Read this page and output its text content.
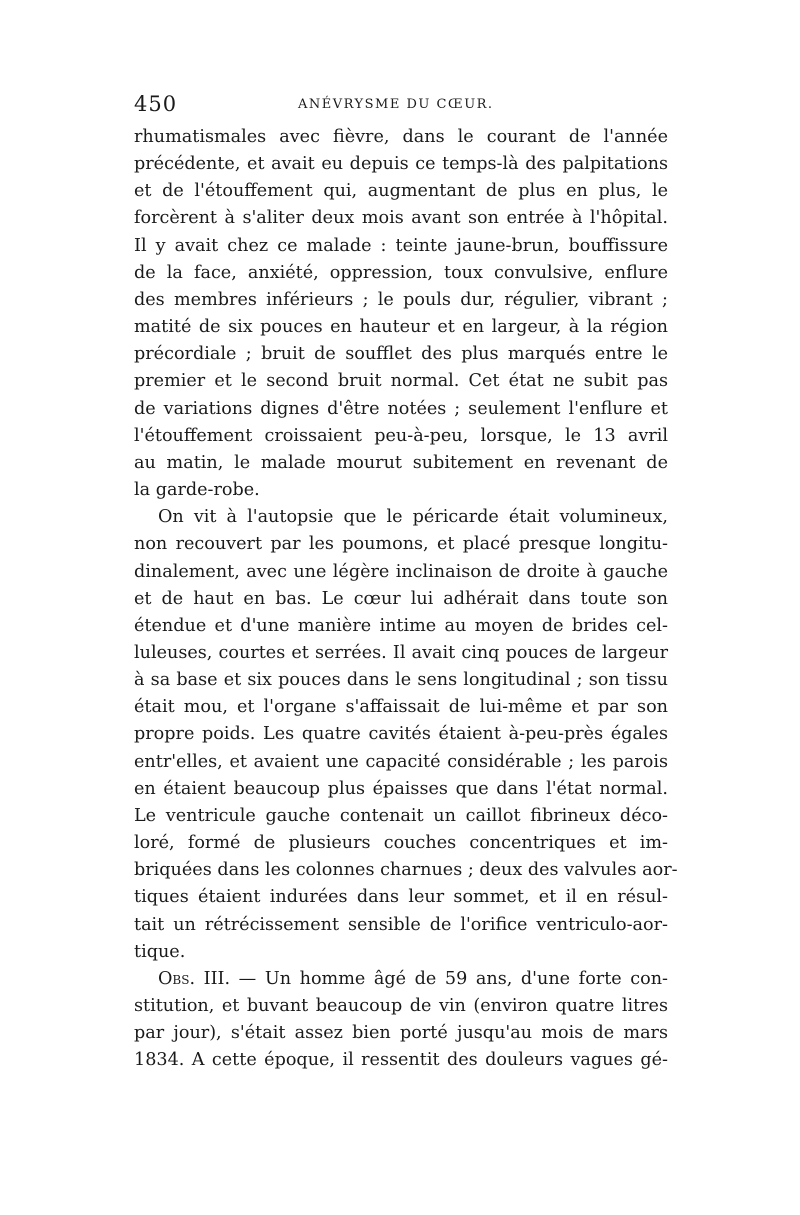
450	ANÉVRYSME DU CŒUR.
rhumatismales avec fièvre, dans le courant de l'année
précédente, et avait eu depuis ce temps-là des palpitations
et de l'étouffement qui, augmentant de plus en plus, le
forcèrent à s'aliter deux mois avant son entrée à l'hôpital.
Il y avait chez ce malade : teinte jaune-brun, bouffissure
de la face, anxiété, oppression, toux convulsive, enflure
des membres inférieurs ; le pouls dur, régulier, vibrant ;
matité de six pouces en hauteur et en largeur, à la région
précordiale ; bruit de soufflet des plus marqués entre le
premier et le second bruit normal. Cet état ne subit pas
de variations dignes d'être notées ; seulement l'enflure et
l'étouffement croissaient peu-à-peu, lorsque, le 13 avril
au matin, le malade mourut subitement en revenant de
la garde-robe.
On vit à l'autopsie que le péricarde était volumineux,
non recouvert par les poumons, et placé presque longitu-
dinalement, avec une légère inclinaison de droite à gauche
et de haut en bas. Le cœur lui adhérait dans toute son
étendue et d'une manière intime au moyen de brides cel-
luleuses, courtes et serrées. Il avait cinq pouces de largeur
à sa base et six pouces dans le sens longitudinal ; son tissu
était mou, et l'organe s'affaissait de lui-même et par son
propre poids. Les quatre cavités étaient à-peu-près égales
entr'elles, et avaient une capacité considérable ; les parois
en étaient beaucoup plus épaisses que dans l'état normal.
Le ventricule gauche contenait un caillot fibrineux déco-
loré, formé de plusieurs couches concentriques et im-
briquées dans les colonnes charnues ; deux des valvules aor-
tiques étaient indurées dans leur sommet, et il en résul-
tait un rétrécissement sensible de l'orifice ventriculo-aor-
tique.
Obs. III. — Un homme âgé de 59 ans, d'une forte con-
stitution, et buvant beaucoup de vin (environ quatre litres
par jour), s'était assez bien porté jusqu'au mois de mars
1834. A cette époque, il ressentit des douleurs vagues gé-
